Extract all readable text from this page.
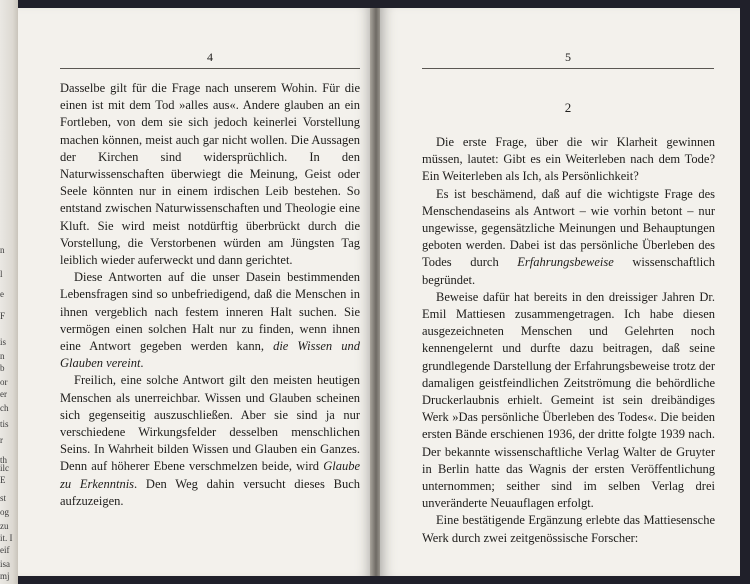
n
l
e
F
is
n
b
or
er
ch
tis
r
th
ilc
E
st
og
zu
it. I
eif
isa
mj
4

Dasselbe gilt für die Frage nach unserem Wohin. Für die einen ist mit dem Tod »alles aus«. Andere glauben an ein Fortleben, von dem sie sich jedoch keinerlei Vorstellung machen können, meist auch gar nicht wollen. Die Aussagen der Kirchen sind widersprüchlich. In den Naturwissenschaften überwiegt die Meinung, Geist oder Seele könnten nur in einem irdischen Leib bestehen. So entstand zwischen Naturwissenschaften und Theologie eine Kluft. Sie wird meist notdürftig überbrückt durch die Vorstellung, die Verstorbenen würden am Jüngsten Tag leiblich wieder auferweckt und dann gerichtet.

Diese Antworten auf die unser Dasein bestimmenden Lebensfragen sind so unbefriedigend, daß die Menschen in ihnen vergeblich nach festem inneren Halt suchen. Sie vermögen einen solchen Halt nur zu finden, wenn ihnen eine Antwort gegeben werden kann, die Wissen und Glauben vereint.

Freilich, eine solche Antwort gilt den meisten heutigen Menschen als unerreichbar. Wissen und Glauben scheinen sich gegenseitig auszuschließen. Aber sie sind ja nur verschiedene Wirkungsfelder desselben menschlichen Seins. In Wahrheit bilden Wissen und Glauben ein Ganzes. Denn auf höherer Ebene verschmelzen beide, wird Glaube zu Erkenntnis. Den Weg dahin versucht dieses Buch aufzuzeigen.

5
2

Die erste Frage, über die wir Klarheit gewinnen müssen, lautet: Gibt es ein Weiterleben nach dem Tode? Ein Weiterleben als Ich, als Persönlichkeit?

Es ist beschämend, daß auf die wichtigste Frage des Menschendaseins als Antwort – wie vorhin betont – nur ungewisse, gegensätzliche Meinungen und Behauptungen geboten werden. Dabei ist das persönliche Überleben des Todes durch Erfahrungsbeweise wissenschaftlich begründet.

Beweise dafür hat bereits in den dreissiger Jahren Dr. Emil Mattiesen zusammengetragen. Ich habe diesen ausgezeichneten Menschen und Gelehrten noch kennengelernt und durfte dazu beitragen, daß seine grundlegende Darstellung der Erfahrungsbeweise trotz der damaligen geistfeindlichen Zeitströmung die behördliche Druckerlaubnis erhielt. Gemeint ist sein dreibändiges Werk »Das persönliche Überleben des Todes«. Die beiden ersten Bände erschienen 1936, der dritte folgte 1939 nach. Der bekannte wissenschaftliche Verlag Walter de Gruyter in Berlin hatte das Wagnis der ersten Veröffentlichung unternommen; seither sind im selben Verlag drei unveränderte Neuauflagen erfolgt.

Eine bestätigende Ergänzung erlebte das Mattiesensche Werk durch zwei zeitgenössische Forscher:
